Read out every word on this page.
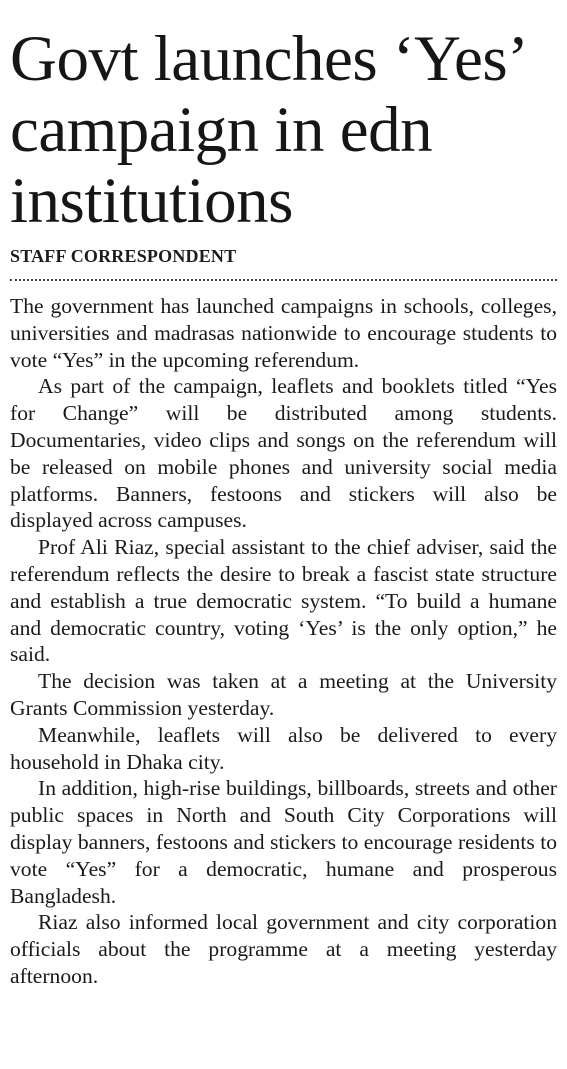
Govt launches ‘Yes’ campaign in edn institutions
STAFF CORRESPONDENT

The government has launched campaigns in schools, colleges, universities and madrasas nationwide to encourage students to vote “Yes” in the upcoming referendum.

As part of the campaign, leaflets and booklets titled “Yes for Change” will be distributed among students. Documentaries, video clips and songs on the referendum will be released on mobile phones and university social media platforms. Banners, festoons and stickers will also be displayed across campuses.

Prof Ali Riaz, special assistant to the chief adviser, said the referendum reflects the desire to break a fascist state structure and establish a true democratic system. “To build a humane and democratic country, voting ‘Yes’ is the only option,” he said.

The decision was taken at a meeting at the University Grants Commission yesterday.

Meanwhile, leaflets will also be delivered to every household in Dhaka city.

In addition, high-rise buildings, billboards, streets and other public spaces in North and South City Corporations will display banners, festoons and stickers to encourage residents to vote “Yes” for a democratic, humane and prosperous Bangladesh.

Riaz also informed local government and city corporation officials about the programme at a meeting yesterday afternoon.
